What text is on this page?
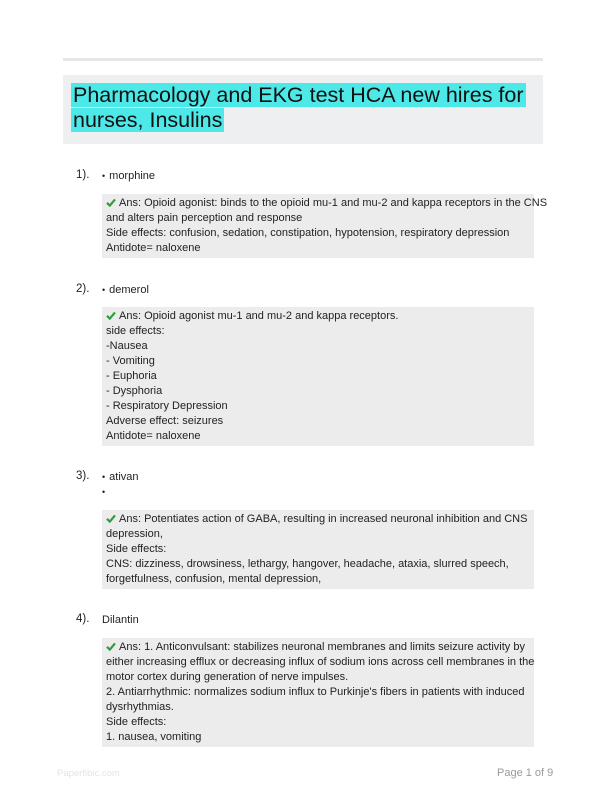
Pharmacology and EKG test HCA new hires for nurses, Insulins
1). • morphine
Ans: Opioid agonist: binds to the opioid mu-1 and mu-2 and kappa receptors in the CNS
and alters pain perception and response
Side effects: confusion, sedation, constipation, hypotension, respiratory depression
Antidote= naloxene
2). • demerol
Ans: Opioid agonist mu-1 and mu-2 and kappa receptors.
side effects:
-Nausea
- Vomiting
- Euphoria
- Dysphoria
- Respiratory Depression
Adverse effect: seizures
Antidote= naloxene
3). • ativan
•
Ans: Potentiates action of GABA, resulting in increased neuronal inhibition and CNS
depression,
Side effects:
CNS: dizziness, drowsiness, lethargy, hangover, headache, ataxia, slurred speech,
forgetfulness, confusion, mental depression,
4). Dilantin
Ans: 1. Anticonvulsant: stabilizes neuronal membranes and limits seizure activity by
either increasing efflux or decreasing influx of sodium ions across cell membranes in the
motor cortex during generation of nerve impulses.
2. Antiarrhythmic: normalizes sodium influx to Purkinje's fibers in patients with induced
dysrhythmias.
Side effects:
1. nausea, vomiting
Paperfibic.com	Page 1 of 9
